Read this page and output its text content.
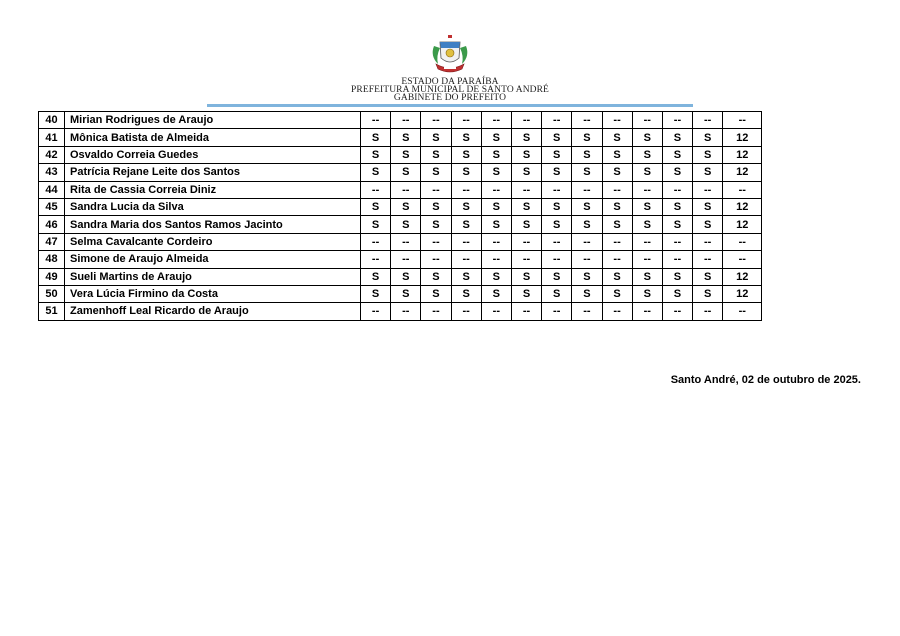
ESTADO DA PARAÍBA
PREFEITURA MUNICIPAL DE SANTO ANDRÉ
GABINETE DO PREFEITO
40	Mirian Rodrigues de Araujo	--	--	--	--	--	--	--	--	--	--	--	--	--
41	Mônica Batista de Almeida	S	S	S	S	S	S	S	S	S	S	S	S	12
42	Osvaldo Correia Guedes	S	S	S	S	S	S	S	S	S	S	S	S	12
43	Patrícia Rejane Leite dos Santos	S	S	S	S	S	S	S	S	S	S	S	S	12
44	Rita de Cassia Correia Diniz	--	--	--	--	--	--	--	--	--	--	--	--	--
45	Sandra Lucia da Silva	S	S	S	S	S	S	S	S	S	S	S	S	12
46	Sandra Maria dos Santos Ramos Jacinto	S	S	S	S	S	S	S	S	S	S	S	S	12
47	Selma Cavalcante Cordeiro	--	--	--	--	--	--	--	--	--	--	--	--	--
48	Simone de Araujo Almeida	--	--	--	--	--	--	--	--	--	--	--	--	--
49	Sueli Martins de Araujo	S	S	S	S	S	S	S	S	S	S	S	S	12
50	Vera Lúcia Firmino da Costa	S	S	S	S	S	S	S	S	S	S	S	S	12
51	Zamenhoff Leal Ricardo de Araujo	--	--	--	--	--	--	--	--	--	--	--	--	--
Santo André, 02 de outubro de 2025.
